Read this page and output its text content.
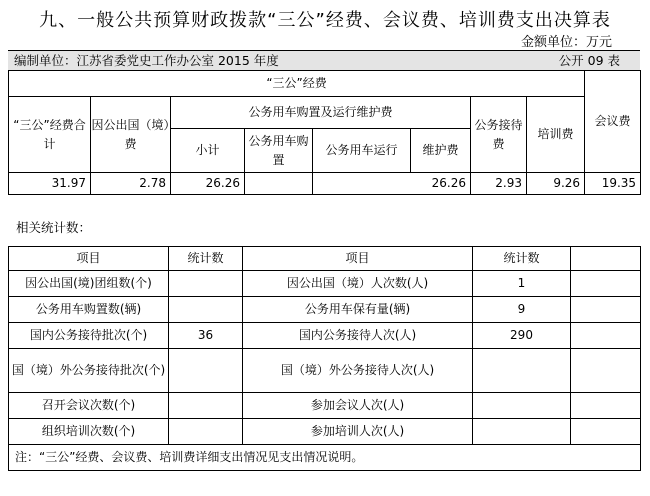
九、一般公共预算财政拨款“三公”经费、会议费、培训费支出决算表
金额单位：万元
编制单位：江苏省委党史工作办公室 2015 年度	公开 09 表
“三公”经费								会议费
“三公”经费合计	因公出国（境）费	公务用车购置及运行维护费				公务接待费	培训费	
		小计	公务用车购置	公务用车运行	维护费			
31.97	2.78	26.26		26.26		2.93	9.26	19.35
相关统计数：
项目	统计数	项目	统计数	
因公出国(境)团组数(个)		因公出国（境）人次数(人)	1	
公务用车购置数(辆)		公务用车保有量(辆)	9	
国内公务接待批次(个)	36	国内公务接待人次(人)	290	
国（境）外公务接待批次(个)		国（境）外公务接待人次(人)		
召开会议次数(个)		参加会议人次(人)		
组织培训次数(个)		参加培训人次(人)		
注：“三公”经费、会议费、培训费详细支出情况见支出情况说明。				
